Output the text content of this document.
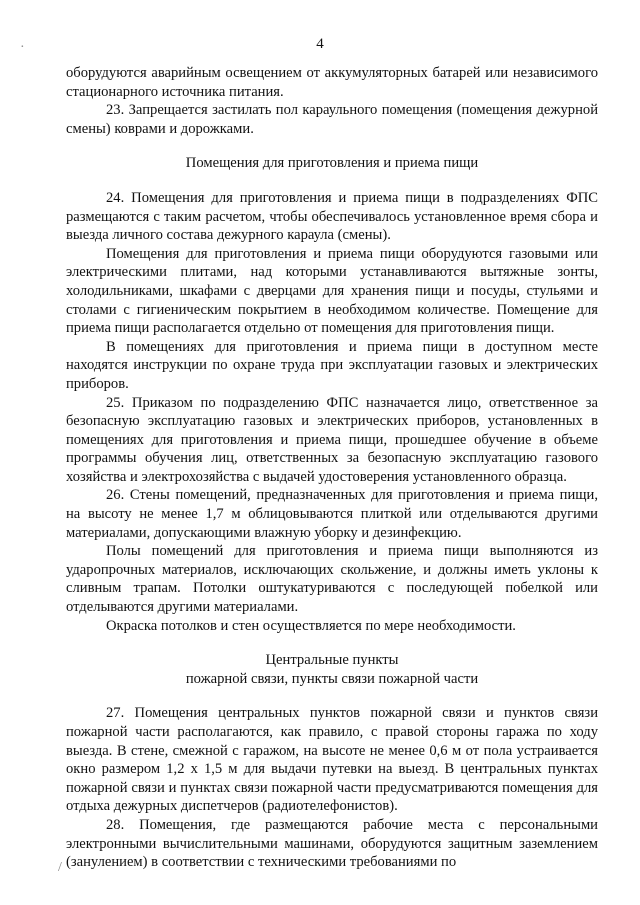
·
/
4

оборудуются аварийным освещением от аккумуляторных батарей или независимого стационарного источника питания.

23. Запрещается застилать пол караульного помещения (помещения дежурной смены) коврами и дорожками.

Помещения для приготовления и приема пищи

24. Помещения для приготовления и приема пищи в подразделениях ФПС размещаются с таким расчетом, чтобы обеспечивалось установленное время сбора и выезда личного состава дежурного караула (смены).

Помещения для приготовления и приема пищи оборудуются газовыми или электрическими плитами, над которыми устанавливаются вытяжные зонты, холодильниками, шкафами с дверцами для хранения пищи и посуды, стульями и столами с гигиеническим покрытием в необходимом количестве. Помещение для приема пищи располагается отдельно от помещения для приготовления пищи.

В помещениях для приготовления и приема пищи в доступном месте находятся инструкции по охране труда при эксплуатации газовых и электрических приборов.

25. Приказом по подразделению ФПС назначается лицо, ответственное за безопасную эксплуатацию газовых и электрических приборов, установленных в помещениях для приготовления и приема пищи, прошедшее обучение в объеме программы обучения лиц, ответственных за безопасную эксплуатацию газового хозяйства и электрохозяйства с выдачей удостоверения установленного образца.

26. Стены помещений, предназначенных для приготовления и приема пищи, на высоту не менее 1,7 м облицовываются плиткой или отделываются другими материалами, допускающими влажную уборку и дезинфекцию.

Полы помещений для приготовления и приема пищи выполняются из ударопрочных материалов, исключающих скольжение, и должны иметь уклоны к сливным трапам. Потолки оштукатуриваются с последующей побелкой или отделываются другими материалами.

Окраска потолков и стен осуществляется по мере необходимости.

Центральные пункты
пожарной связи, пункты связи пожарной части

27. Помещения центральных пунктов пожарной связи и пунктов связи пожарной части располагаются, как правило, с правой стороны гаража по ходу выезда. В стене, смежной с гаражом, на высоте не менее 0,6 м от пола устраивается окно размером 1,2 х 1,5 м для выдачи путевки на выезд. В центральных пунктах пожарной связи и пунктах связи пожарной части предусматриваются помещения для отдыха дежурных диспетчеров (радиотелефонистов).

28. Помещения, где размещаются рабочие места с персональными электронными вычислительными машинами, оборудуются защитным заземлением (занулением) в соответствии с техническими требованиями по
